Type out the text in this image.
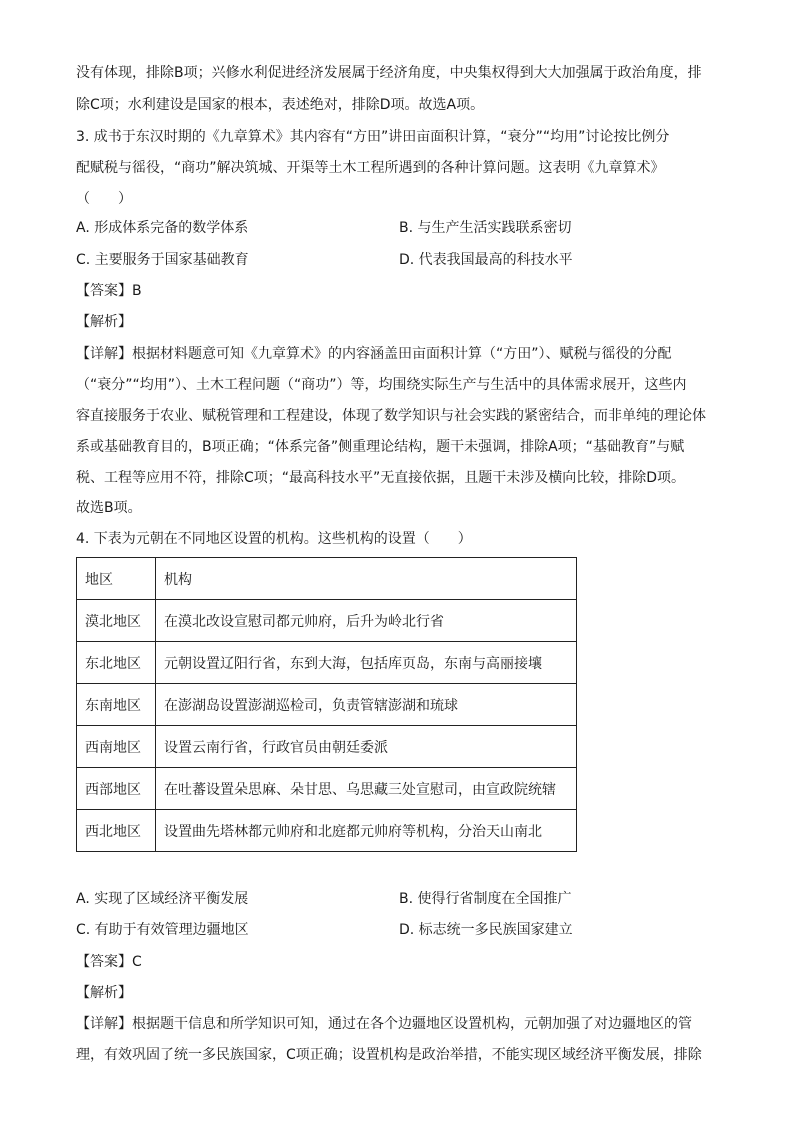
没有体现，排除B项；兴修水利促进经济发展属于经济角度，中央集权得到大大加强属于政治角度，排
除C项；水利建设是国家的根本，表述绝对，排除D项。故选A项。
3. 成书于东汉时期的《九章算术》其内容有“方田”讲田亩面积计算，“衰分”“均用”讨论按比例分
配赋税与徭役，“商功”解决筑城、开渠等土木工程所遇到的各种计算问题。这表明《九章算术》
（　　）
A. 形成体系完备的数学体系	B. 与生产生活实践联系密切
C. 主要服务于国家基础教育	D. 代表我国最高的科技水平
【答案】B
【解析】
【详解】根据材料题意可知《九章算术》的内容涵盖田亩面积计算（“方田”）、赋税与徭役的分配
（“衰分”“均用”）、土木工程问题（“商功”）等，均围绕实际生产与生活中的具体需求展开，这些内
容直接服务于农业、赋税管理和工程建设，体现了数学知识与社会实践的紧密结合，而非单纯的理论体
系或基础教育目的，B项正确；“体系完备”侧重理论结构，题干未强调，排除A项；“基础教育”与赋
税、工程等应用不符，排除C项；“最高科技水平”无直接依据，且题干未涉及横向比较，排除D项。
故选B项。
4. 下表为元朝在不同地区设置的机构。这些机构的设置（　　）
地区	机构
漠北地区	在漠北改设宣慰司都元帅府，后升为岭北行省
东北地区	元朝设置辽阳行省，东到大海，包括库页岛，东南与高丽接壤
东南地区	在澎湖岛设置澎湖巡检司，负责管辖澎湖和琉球
西南地区	设置云南行省，行政官员由朝廷委派
西部地区	在吐蕃设置朵思麻、朵甘思、乌思藏三处宣慰司，由宣政院统辖
西北地区	设置曲先塔林都元帅府和北庭都元帅府等机构，分治天山南北
A. 实现了区域经济平衡发展	B. 使得行省制度在全国推广
C. 有助于有效管理边疆地区	D. 标志统一多民族国家建立
【答案】C
【解析】
【详解】根据题干信息和所学知识可知，通过在各个边疆地区设置机构，元朝加强了对边疆地区的管
理，有效巩固了统一多民族国家，C项正确；设置机构是政治举措，不能实现区域经济平衡发展，排除
